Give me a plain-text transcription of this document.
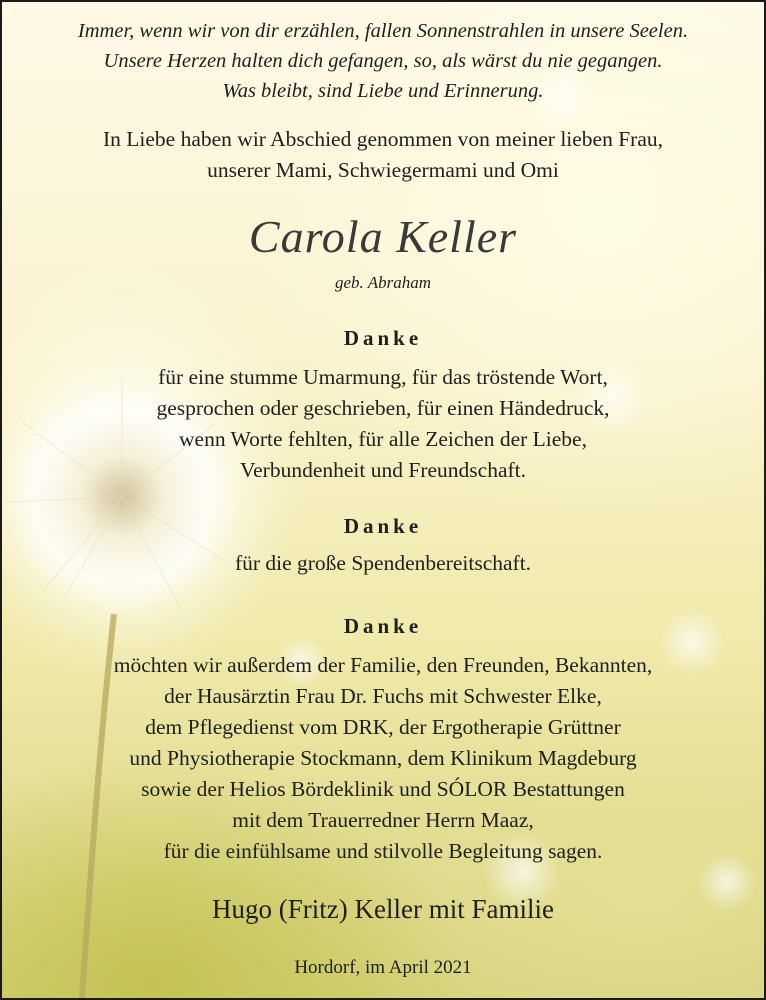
Immer, wenn wir von dir erzählen, fallen Sonnenstrahlen in unsere Seelen.
Unsere Herzen halten dich gefangen, so, als wärst du nie gegangen.
Was bleibt, sind Liebe und Erinnerung.
In Liebe haben wir Abschied genommen von meiner lieben Frau,
unserer Mami, Schwiegermami und Omi
Carola Keller
geb. Abraham
Danke
für eine stumme Umarmung, für das tröstende Wort,
gesprochen oder geschrieben, für einen Händedruck,
wenn Worte fehlten, für alle Zeichen der Liebe,
Verbundenheit und Freundschaft.
Danke
für die große Spendenbereitschaft.
Danke
möchten wir außerdem der Familie, den Freunden, Bekannten,
der Hausärztin Frau Dr. Fuchs mit Schwester Elke,
dem Pflegedienst vom DRK, der Ergotherapie Grüttner
und Physiotherapie Stockmann, dem Klinikum Magdeburg
sowie der Helios Bördeklinik und SÓLOR Bestattungen
mit dem Trauerredner Herrn Maaz,
für die einfühlsame und stilvolle Begleitung sagen.
Hugo (Fritz) Keller mit Familie
Hordorf, im April 2021
